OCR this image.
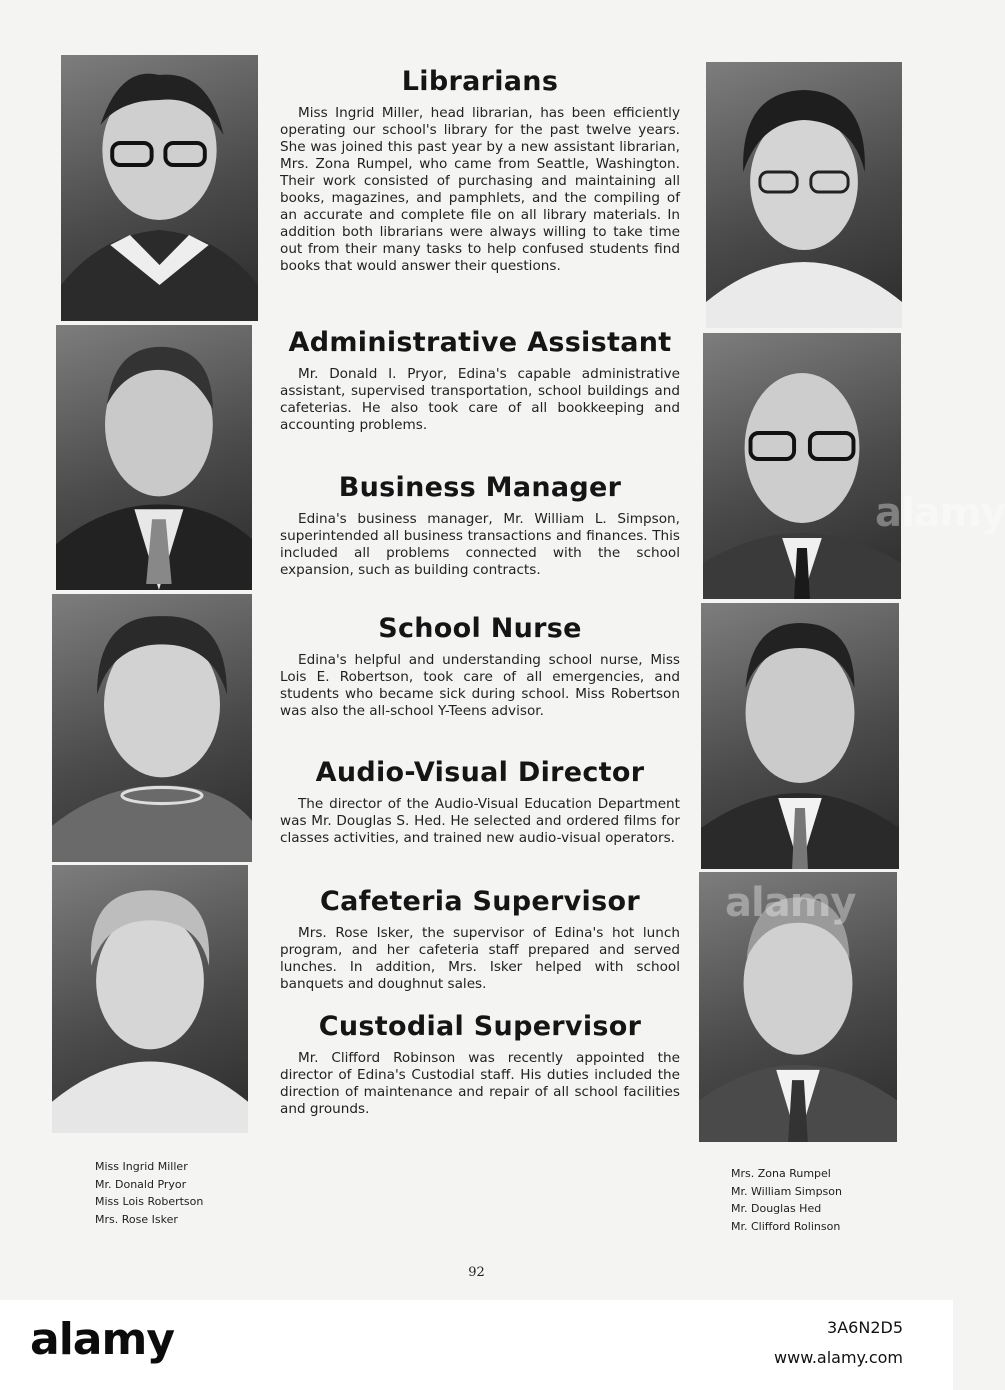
Librarians

Miss Ingrid Miller, head librarian, has been efficiently operating our school's library for the past twelve years. She was joined this past year by a new assistant librarian, Mrs. Zona Rumpel, who came from Seattle, Washington. Their work consisted of purchasing and maintaining all books, magazines, and pamphlets, and the compiling of an accurate and complete file on all library materials. In addition both librarians were always willing to take time out from their many tasks to help confused students find books that would answer their questions.

Administrative Assistant

Mr. Donald I. Pryor, Edina's capable administrative assistant, supervised transportation, school buildings and cafeterias. He also took care of all bookkeeping and accounting problems.

Business Manager

Edina's business manager, Mr. William L. Simpson, superintended all business transactions and finances. This included all problems connected with the school expansion, such as building contracts.

School Nurse

Edina's helpful and understanding school nurse, Miss Lois E. Robertson, took care of all emergencies, and students who became sick during school. Miss Robertson was also the all-school Y-Teens advisor.

Audio-Visual Director

The director of the Audio-Visual Education Department was Mr. Douglas S. Hed. He selected and ordered films for classes activities, and trained new audio-visual operators.

Cafeteria Supervisor

Mrs. Rose Isker, the supervisor of Edina's hot lunch program, and her cafeteria staff prepared and served lunches. In addition, Mrs. Isker helped with school banquets and doughnut sales.

Custodial Supervisor

Mr. Clifford Robinson was recently appointed the director of Edina's Custodial staff. His duties included the direction of maintenance and repair of all school facilities and grounds.

Miss Ingrid Miller
Mr. Donald Pryor
Miss Lois Robertson
Mrs. Rose Isker
Mrs. Zona Rumpel
Mr. William Simpson
Mr. Douglas Hed
Mr. Clifford Rolinson
92
alamy
alamy
alamy	3A6N2D5
www.alamy.com
